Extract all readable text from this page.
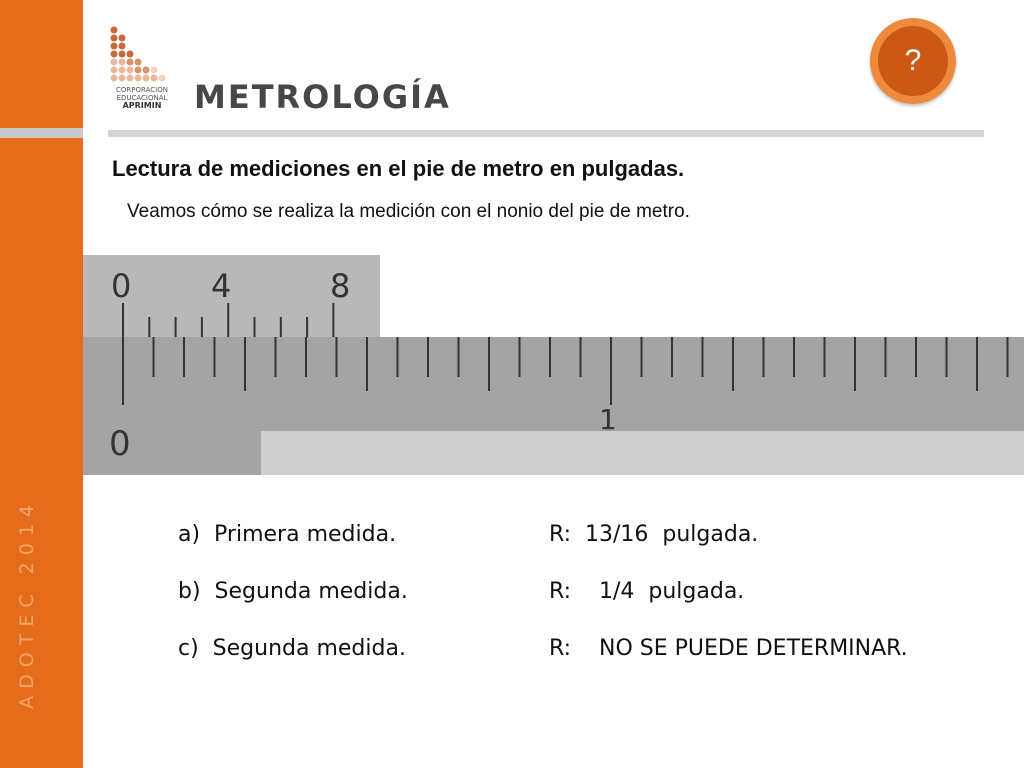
ADOTEC 2014
CORPORACION
EDUCACIONAL
APRIMIN	METROLOGÍA
?
Lectura de mediciones en el pie de metro en pulgadas.
Veamos cómo se realiza la medición con el nonio del pie de metro.
0 4	8
0
1
a)  Primera medida.	R:  13/16  pulgada.
b)  Segunda medida.	R:    1/4  pulgada.
c)  Segunda medida.	R:    NO SE PUEDE DETERMINAR.
